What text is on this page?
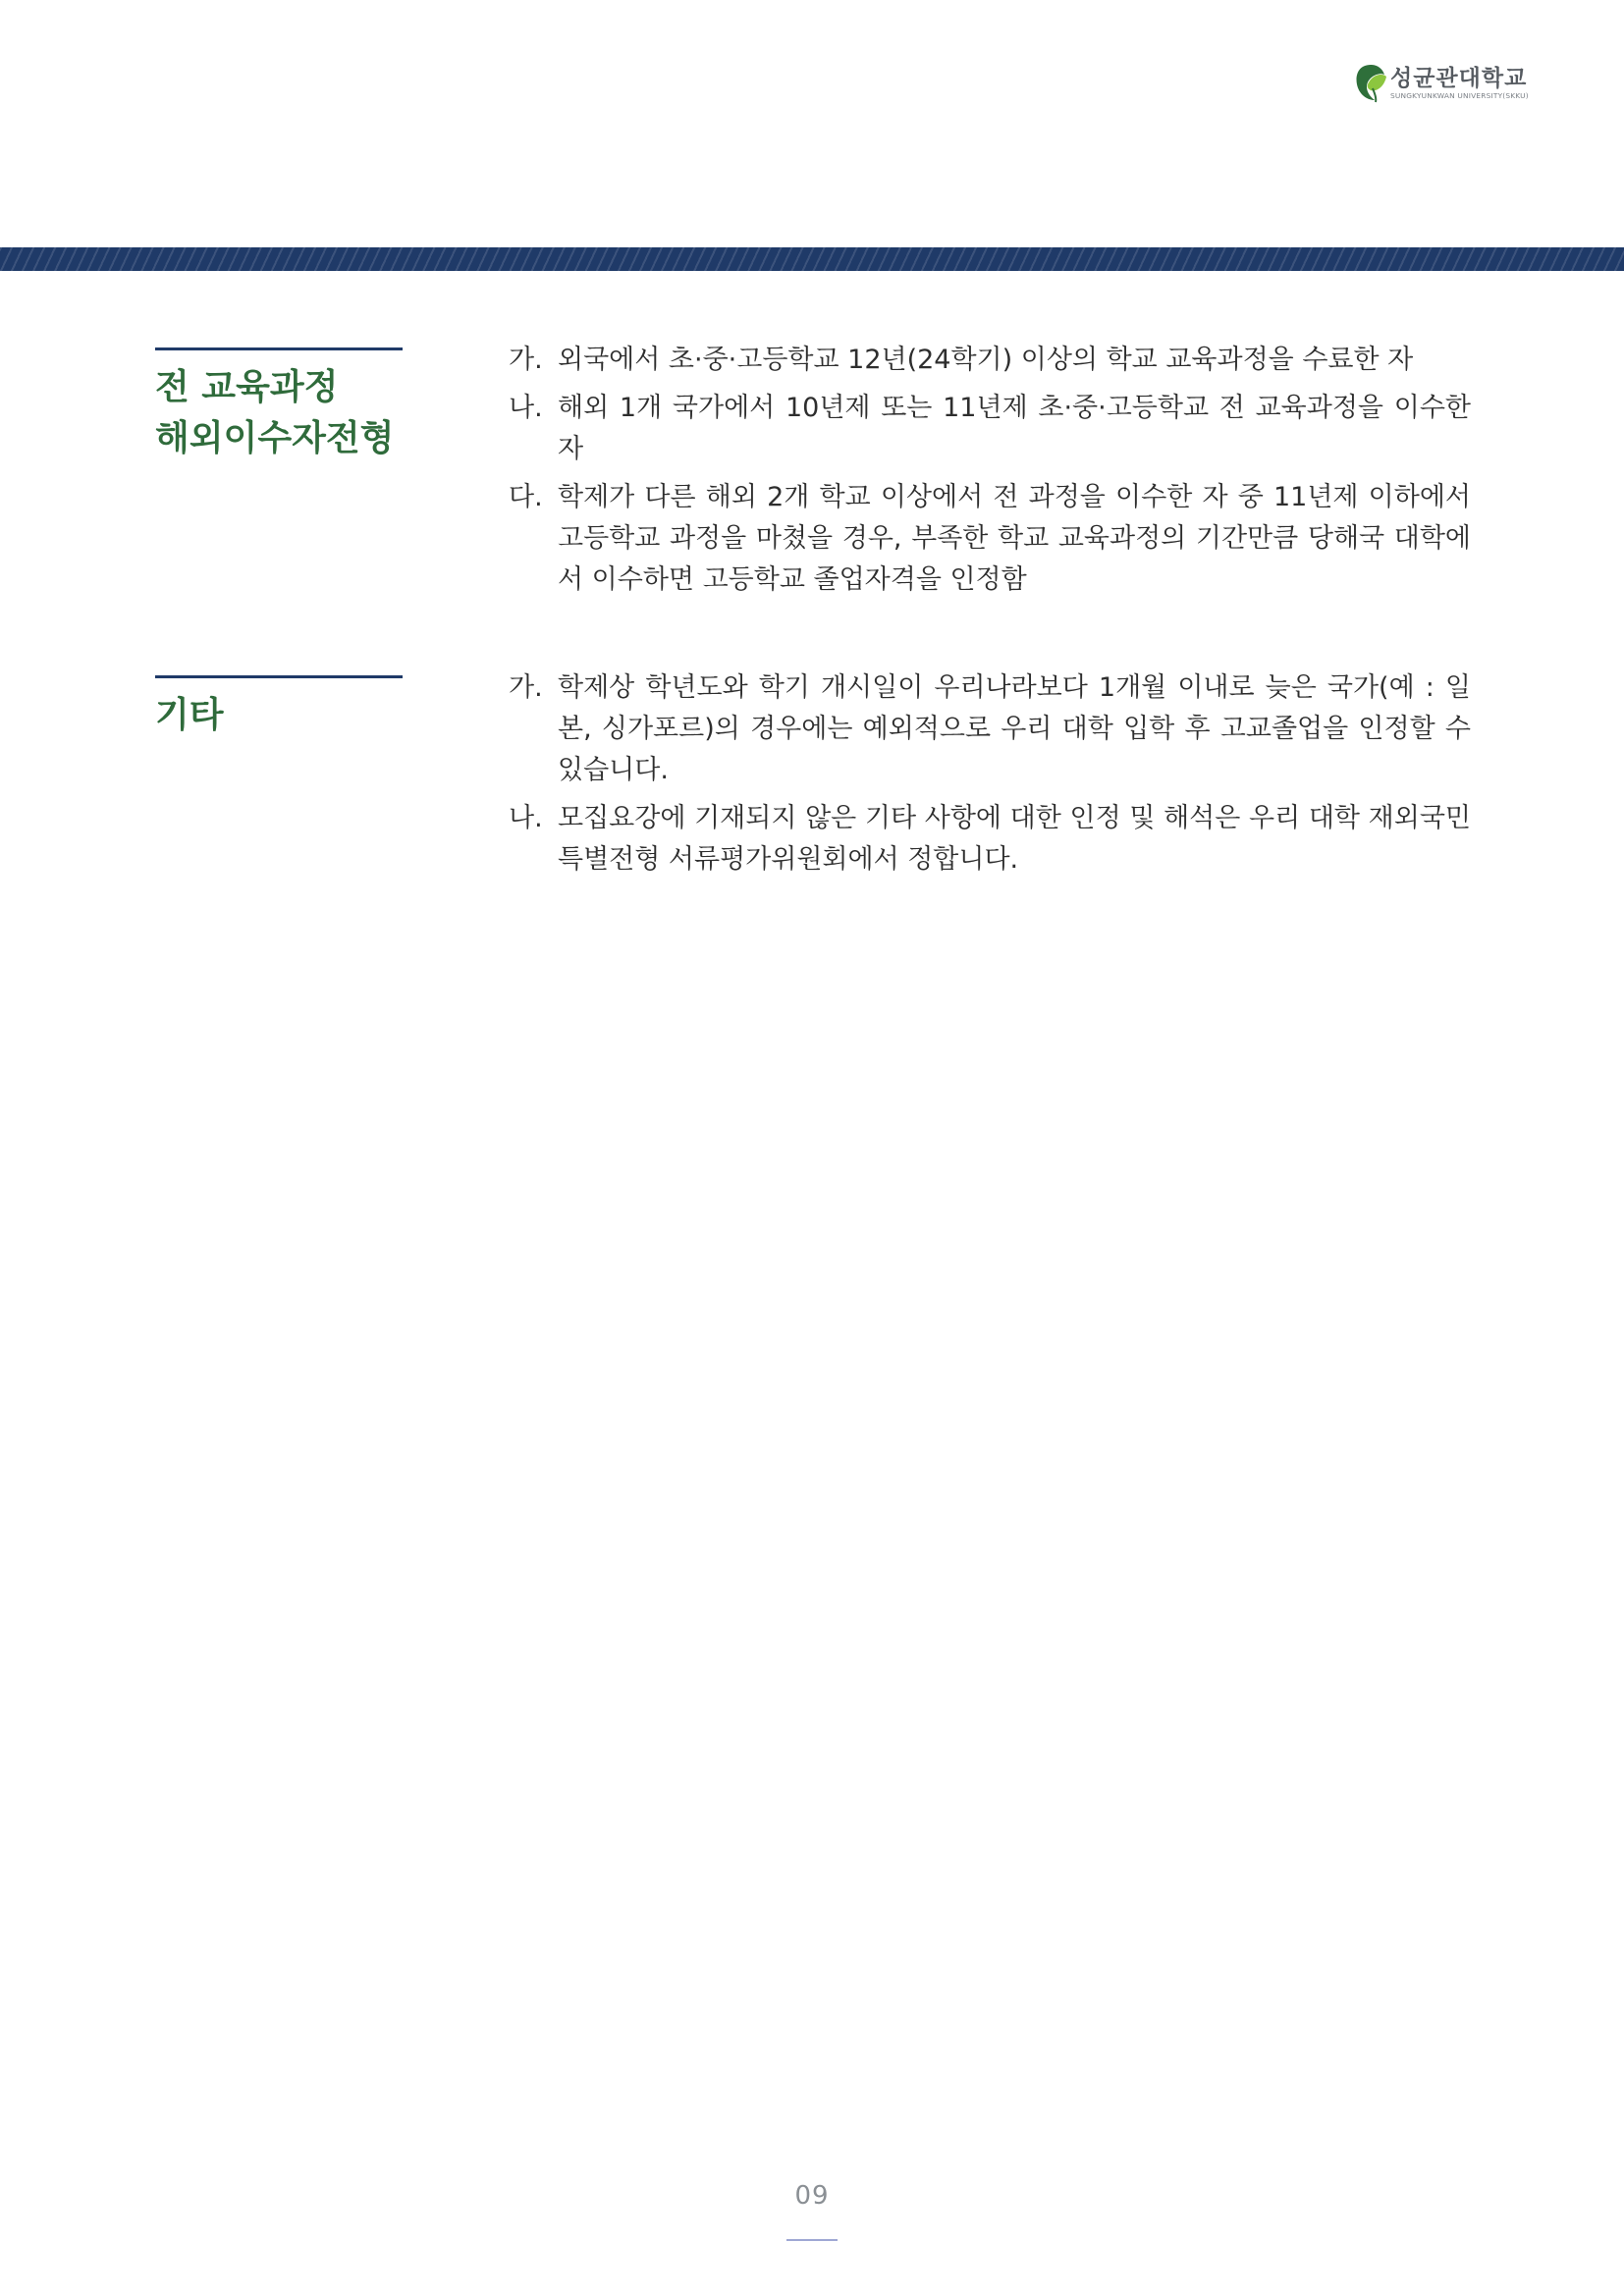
성균관대학교
SUNGKYUNKWAN UNIVERSITY(SKKU)
전 교육과정
해외이수자전형
가. 외국에서 초·중·고등학교 12년(24학기) 이상의 학교 교육과정을 수료한 자
나. 해외 1개 국가에서 10년제 또는 11년제 초·중·고등학교 전 교육과정을 이수한 자
다. 학제가 다른 해외 2개 학교 이상에서 전 과정을 이수한 자 중 11년제 이하에서 고등학교 과정을 마쳤을 경우, 부족한 학교 교육과정의 기간만큼 당해국 대학에서 이수하면 고등학교 졸업자격을 인정함
기타
가. 학제상 학년도와 학기 개시일이 우리나라보다 1개월 이내로 늦은 국가(예 : 일본, 싱가포르)의 경우에는 예외적으로 우리 대학 입학 후 고교졸업을 인정할 수 있습니다.
나. 모집요강에 기재되지 않은 기타 사항에 대한 인정 및 해석은 우리 대학 재외국민특별전형 서류평가위원회에서 정합니다.
09
